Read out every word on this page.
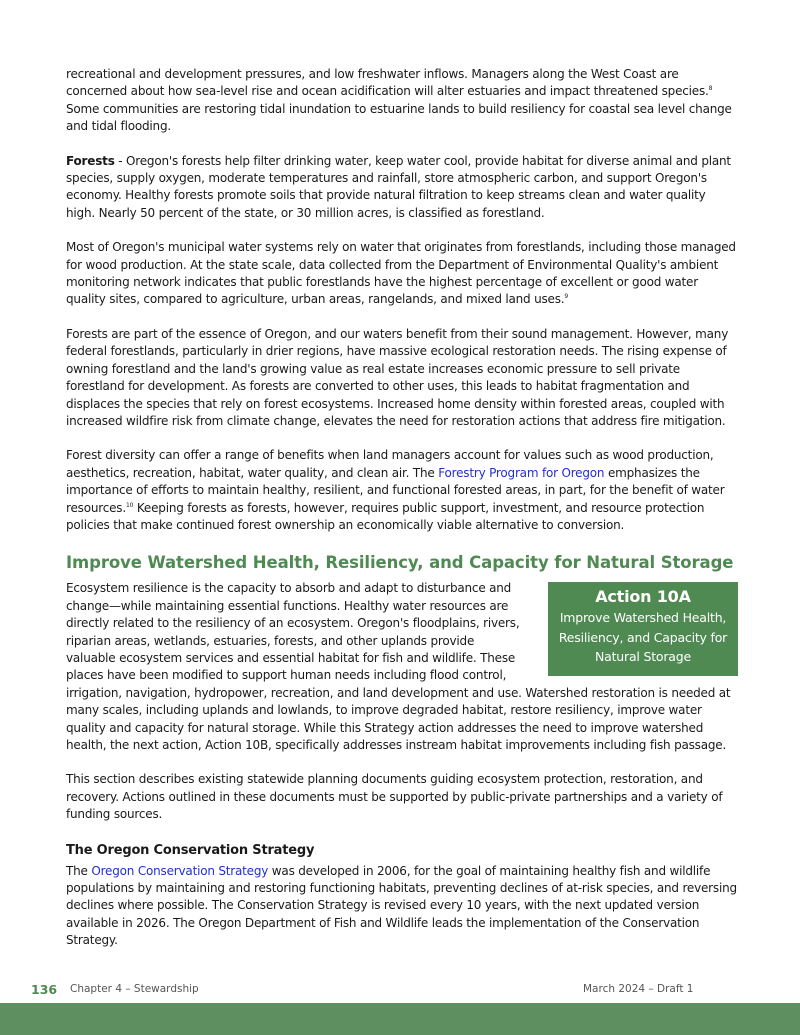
recreational and development pressures, and low freshwater inflows. Managers along the West Coast are concerned about how sea-level rise and ocean acidification will alter estuaries and impact threatened species.$^8$ Some communities are restoring tidal inundation to estuarine lands to build resiliency for coastal sea level change and tidal flooding.

Forests - Oregon's forests help filter drinking water, keep water cool, provide habitat for diverse animal and plant species, supply oxygen, moderate temperatures and rainfall, store atmospheric carbon, and support Oregon's economy. Healthy forests promote soils that provide natural filtration to keep streams clean and water quality high. Nearly 50 percent of the state, or 30 million acres, is classified as forestland.

Most of Oregon's municipal water systems rely on water that originates from forestlands, including those managed for wood production. At the state scale, data collected from the Department of Environmental Quality's ambient monitoring network indicates that public forestlands have the highest percentage of excellent or good water quality sites, compared to agriculture, urban areas, rangelands, and mixed land uses.$^9$

Forests are part of the essence of Oregon, and our waters benefit from their sound management. However, many federal forestlands, particularly in drier regions, have massive ecological restoration needs. The rising expense of owning forestland and the land's growing value as real estate increases economic pressure to sell private forestland for development. As forests are converted to other uses, this leads to habitat fragmentation and displaces the species that rely on forest ecosystems. Increased home density within forested areas, coupled with increased wildfire risk from climate change, elevates the need for restoration actions that address fire mitigation.

Forest diversity can offer a range of benefits when land managers account for values such as wood production, aesthetics, recreation, habitat, water quality, and clean air. The Forestry Program for Oregon emphasizes the importance of efforts to maintain healthy, resilient, and functional forested areas, in part, for the benefit of water resources.$^{10}$ Keeping forests as forests, however, requires public support, investment, and resource protection policies that make continued forest ownership an economically viable alternative to conversion.

Improve Watershed Health, Resiliency, and Capacity for Natural Storage
Action 10A
Improve Watershed Health, Resiliency, and Capacity for Natural Storage

Ecosystem resilience is the capacity to absorb and adapt to disturbance and change—while maintaining essential functions. Healthy water resources are directly related to the resiliency of an ecosystem. Oregon's floodplains, rivers, riparian areas, wetlands, estuaries, forests, and other uplands provide valuable ecosystem services and essential habitat for fish and wildlife. These places have been modified to support human needs including flood control, irrigation, navigation, hydropower, recreation, and land development and use. Watershed restoration is needed at many scales, including uplands and lowlands, to improve degraded habitat, restore resiliency, improve water quality and capacity for natural storage. While this Strategy action addresses the need to improve watershed health, the next action, Action 10B, specifically addresses instream habitat improvements including fish passage.

This section describes existing statewide planning documents guiding ecosystem protection, restoration, and recovery. Actions outlined in these documents must be supported by public-private partnerships and a variety of funding sources.

The Oregon Conservation Strategy

The Oregon Conservation Strategy was developed in 2006, for the goal of maintaining healthy fish and wildlife populations by maintaining and restoring functioning habitats, preventing declines of at-risk species, and reversing declines where possible. The Conservation Strategy is revised every 10 years, with the next updated version available in 2026. The Oregon Department of Fish and Wildlife leads the implementation of the Conservation Strategy.

136 Chapter 4 – Stewardship	March 2024 – Draft 1
